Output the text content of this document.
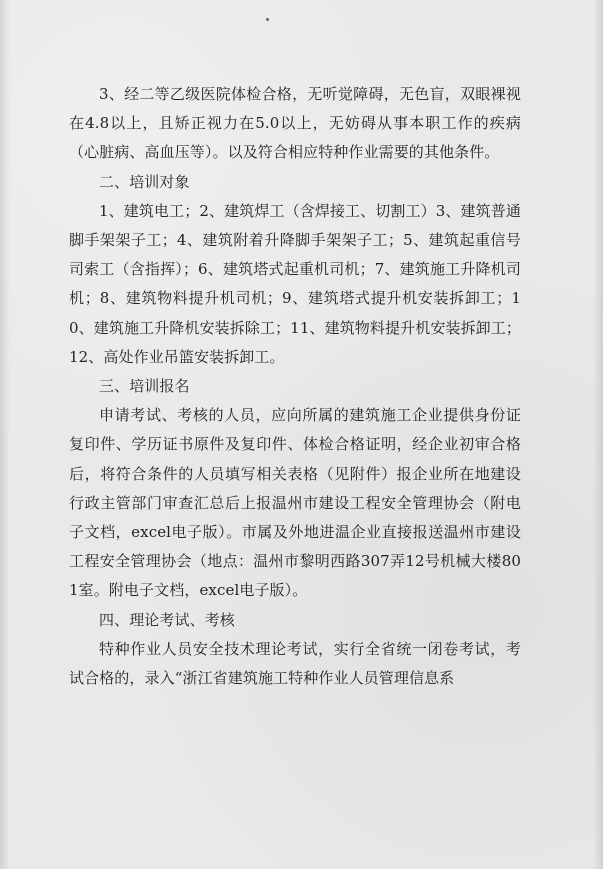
3、经二等乙级医院体检合格，无听觉障碍，无色盲，双眼裸视在4.8以上，且矫正视力在5.0以上，无妨碍从事本职工作的疾病（心脏病、高血压等）。以及符合相应特种作业需要的其他条件。

二、培训对象

1、建筑电工；2、建筑焊工（含焊接工、切割工）3、建筑普通脚手架架子工；4、建筑附着升降脚手架架子工；5、建筑起重信号司索工（含指挥）；6、建筑塔式起重机司机；7、建筑施工升降机司机；8、建筑物料提升机司机；9、建筑塔式提升机安装拆卸工；10、建筑施工升降机安装拆除工；11、建筑物料提升机安装拆卸工；12、高处作业吊篮安装拆卸工。

三、培训报名

申请考试、考核的人员，应向所属的建筑施工企业提供身份证复印件、学历证书原件及复印件、体检合格证明，经企业初审合格后，将符合条件的人员填写相关表格（见附件）报企业所在地建设行政主管部门审查汇总后上报温州市建设工程安全管理协会（附电子文档，excel电子版）。市属及外地进温企业直接报送温州市建设工程安全管理协会（地点：温州市黎明西路307弄12号机械大楼801室。附电子文档，excel电子版）。

四、理论考试、考核

特种作业人员安全技术理论考试，实行全省统一闭卷考试，考试合格的，录入“浙江省建筑施工特种作业人员管理信息系
